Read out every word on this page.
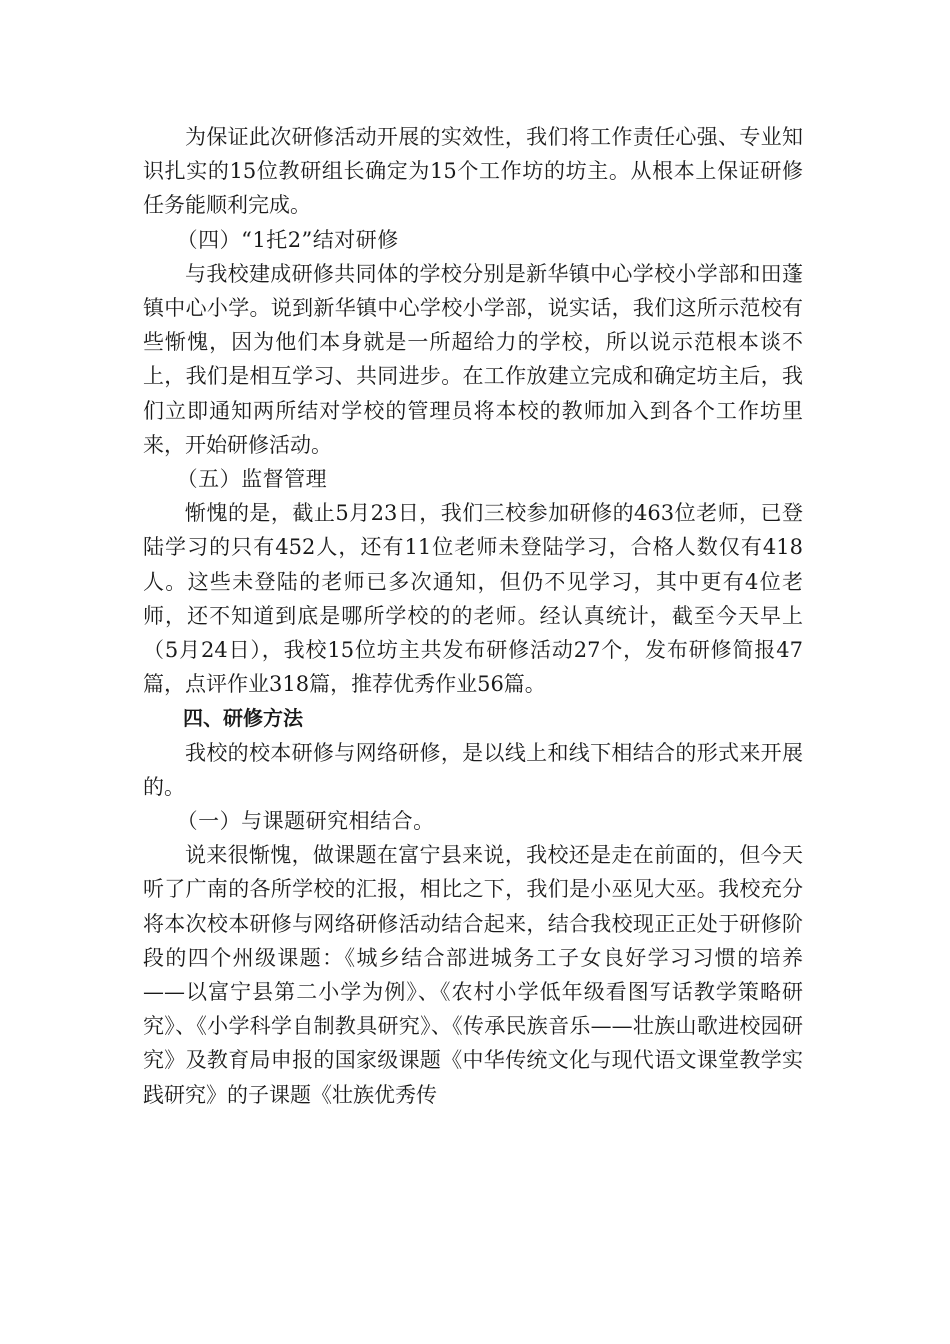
为保证此次研修活动开展的实效性，我们将工作责任心强、专业知识扎实的15位教研组长确定为15个工作坊的坊主。从根本上保证研修任务能顺利完成。

（四）“1托2”结对研修

与我校建成研修共同体的学校分别是新华镇中心学校小学部和田蓬镇中心小学。说到新华镇中心学校小学部，说实话，我们这所示范校有些惭愧，因为他们本身就是一所超给力的学校，所以说示范根本谈不上，我们是相互学习、共同进步。在工作放建立完成和确定坊主后，我们立即通知两所结对学校的管理员将本校的教师加入到各个工作坊里来，开始研修活动。

（五）监督管理

惭愧的是，截止5月23日，我们三校参加研修的463位老师，已登陆学习的只有452人，还有11位老师未登陆学习，合格人数仅有418人。这些未登陆的老师已多次通知，但仍不见学习，其中更有4位老师，还不知道到底是哪所学校的的老师。经认真统计，截至今天早上（5月24日），我校15位坊主共发布研修活动27个，发布研修简报47篇，点评作业318篇，推荐优秀作业56篇。

四、研修方法

我校的校本研修与网络研修，是以线上和线下相结合的形式来开展的。

（一）与课题研究相结合。

说来很惭愧，做课题在富宁县来说，我校还是走在前面的，但今天听了广南的各所学校的汇报，相比之下，我们是小巫见大巫。我校充分将本次校本研修与网络研修活动结合起来，结合我校现正正处于研修阶段的四个州级课题：《城乡结合部进城务工子女良好学习习惯的培养——以富宁县第二小学为例》、《农村小学低年级看图写话教学策略研究》、《小学科学自制教具研究》、《传承民族音乐——壮族山歌进校园研究》及教育局申报的国家级课题《中华传统文化与现代语文课堂教学实践研究》的子课题《壮族优秀传
